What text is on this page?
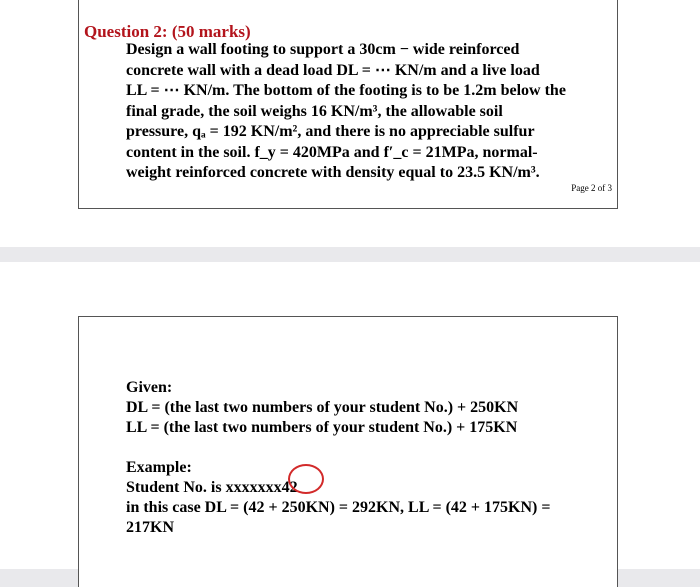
Question 2: (50 marks)
Design a wall footing to support a 30cm − wide reinforced
concrete wall with a dead load DL = ⋯ KN/m and a live load
LL = ⋯ KN/m. The bottom of the footing is to be 1.2m below the
final grade, the soil weighs 16 KN/m³, the allowable soil
pressure, qₐ = 192 KN/m², and there is no appreciable sulfur
content in the soil. f_y = 420MPa and f′_c = 21MPa, normal-
weight reinforced concrete with density equal to 23.5 KN/m³.
Page 2 of 3
Given:
DL = (the last two numbers of your student No.) + 250KN
LL = (the last two numbers of your student No.) + 175KN
Example:
Student No. is xxxxxxx42
in this case DL = (42 + 250KN) = 292KN, LL = (42 + 175KN) =
217KN
